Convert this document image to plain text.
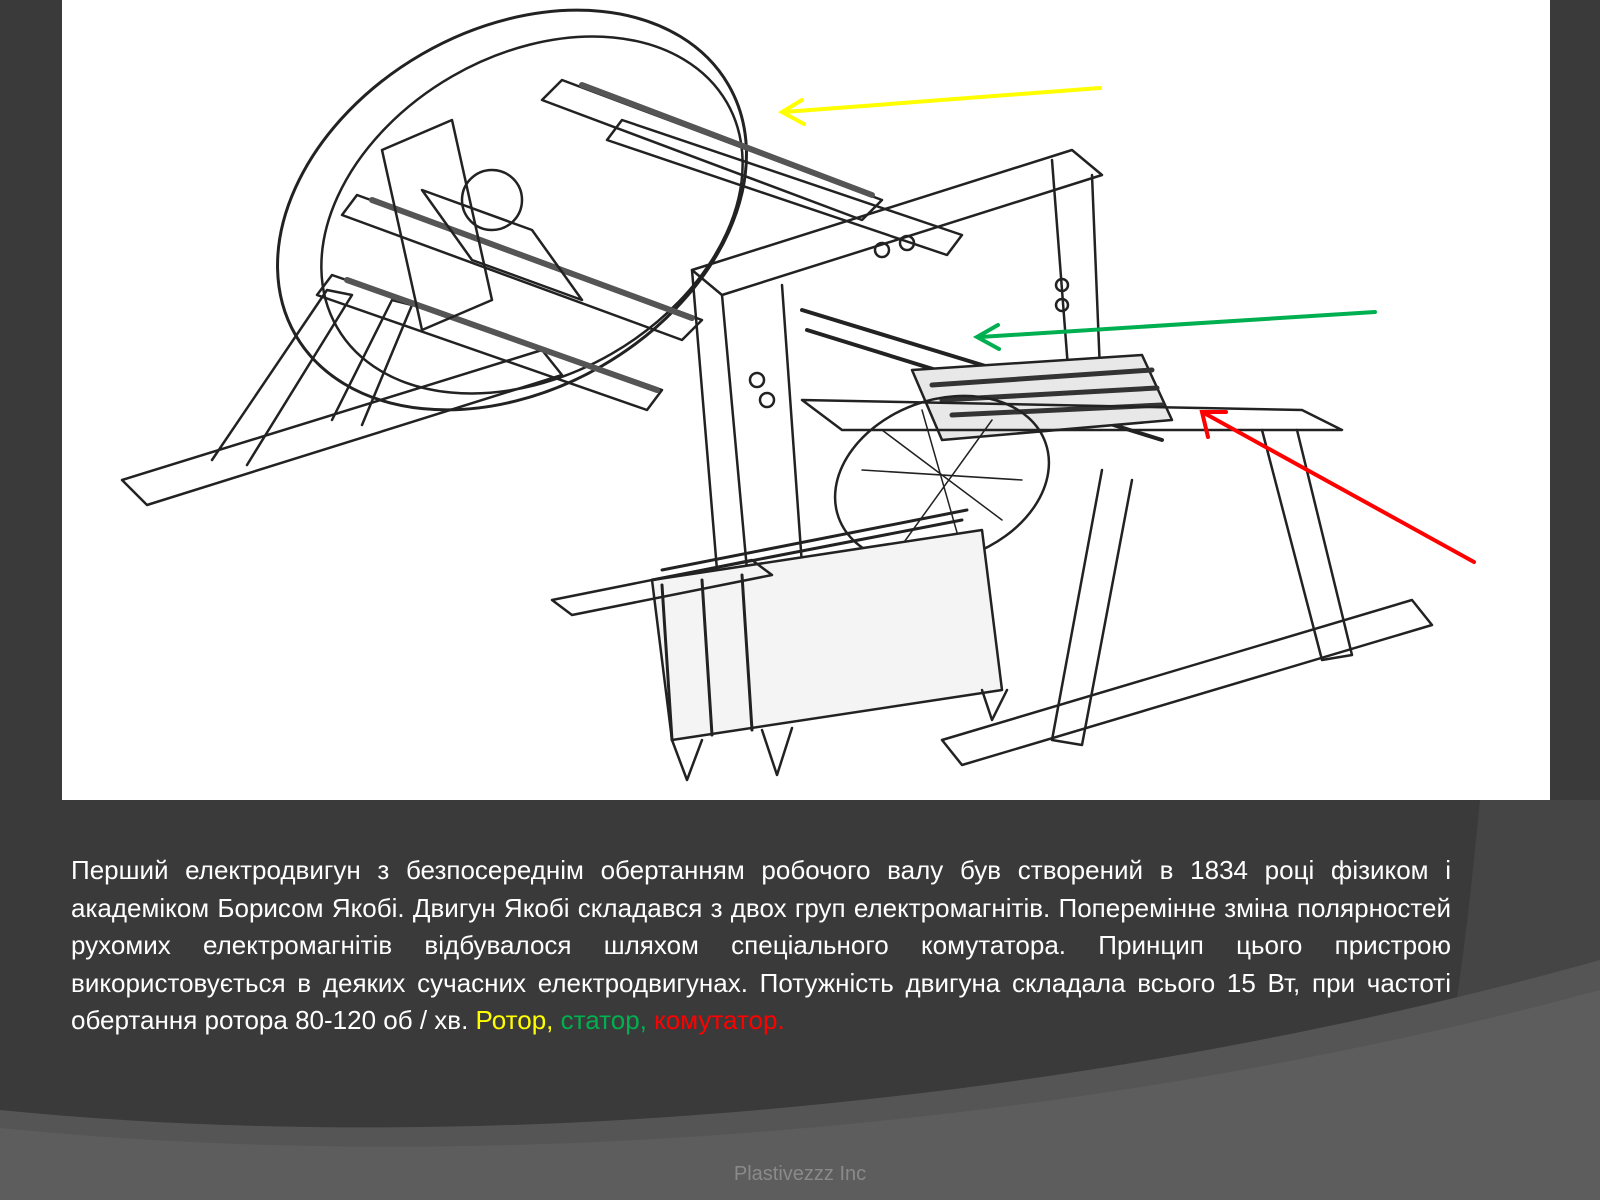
Перший електродвигун з безпосереднім обертанням робочого валу був створений в 1834 році фізиком і академіком Борисом Якобі. Двигун Якобі складався з двох груп електромагнітів. Поперемінне зміна полярностей рухомих електромагнітів відбувалося шляхом спеціального комутатора. Принцип цього пристрою використовується в деяких сучасних електродвигунах. Потужність двигуна складала всього 15 Вт, при частоті обертання ротора 80-120 об / хв. Ротор, статор, комутатор.
Plastivezzz Inc
